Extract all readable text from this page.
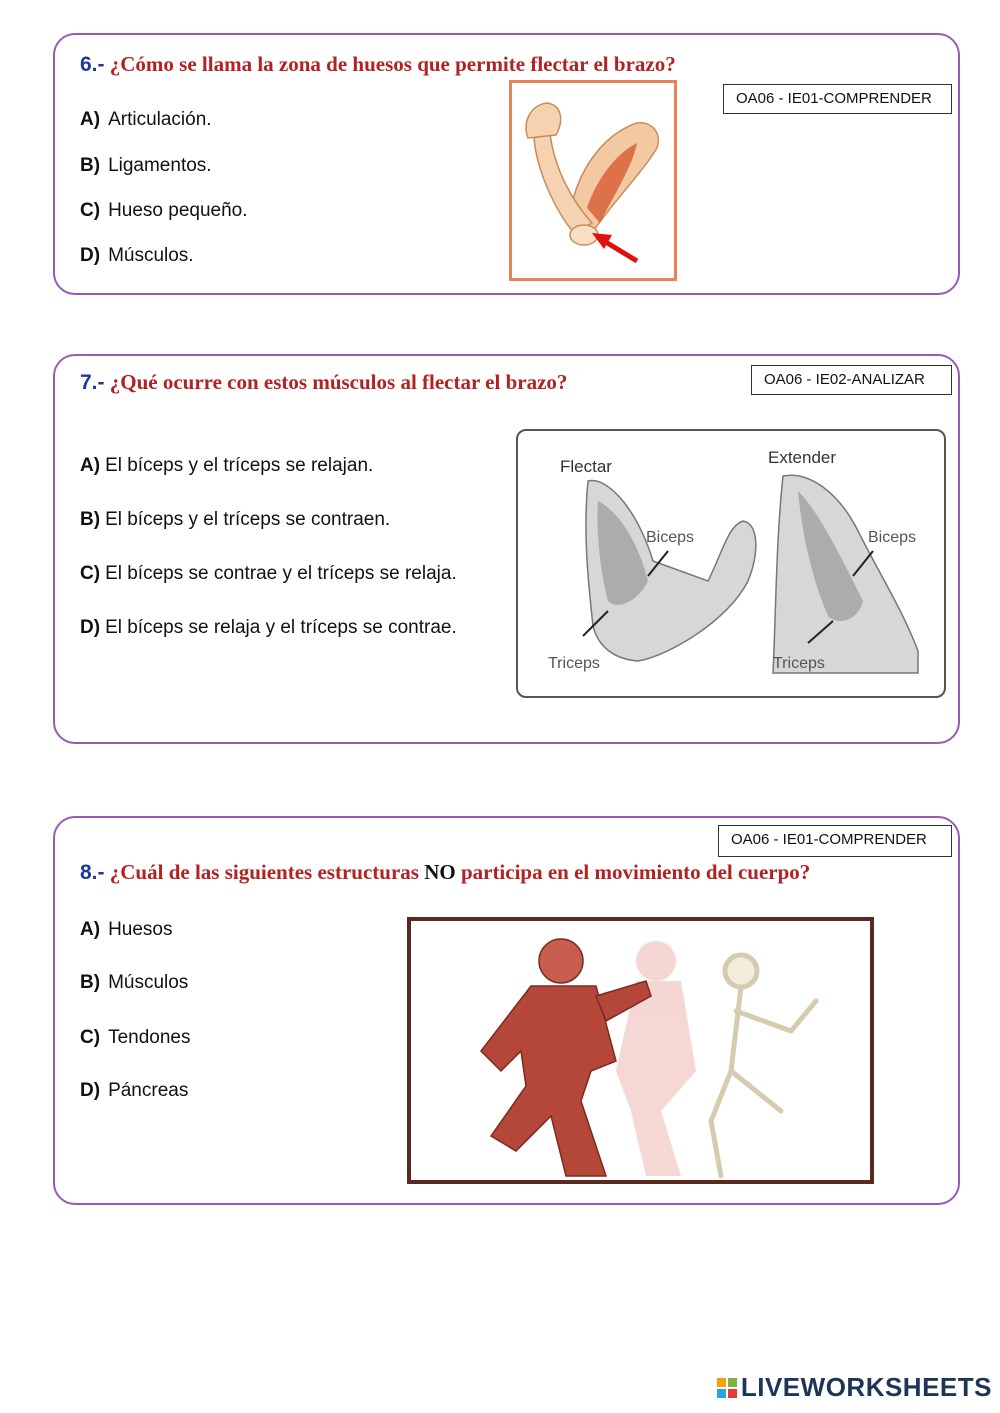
6.- ¿Cómo se llama la zona de huesos que permite flectar el brazo?
OA06 - IE01-COMPRENDER
A) Articulación.
B) Ligamentos.
C) Hueso pequeño.
D) Músculos.
7.- ¿Qué ocurre con estos músculos al flectar el brazo?	OA06 - IE02-ANALIZAR
A) El bíceps y el tríceps se relajan.
B) El bíceps y el tríceps se contraen.
C) El bíceps se contrae y el tríceps se relaja.
D) El bíceps se relaja y el tríceps se contrae.
Flectar	Extender
Biceps
Triceps
Biceps
Triceps
OA06 - IE01-COMPRENDER
8.- ¿Cuál de las siguientes estructuras NO participa en el movimiento del cuerpo?
A) Huesos
B) Músculos
C) Tendones
D) Páncreas
LIVEWORKSHEETS
